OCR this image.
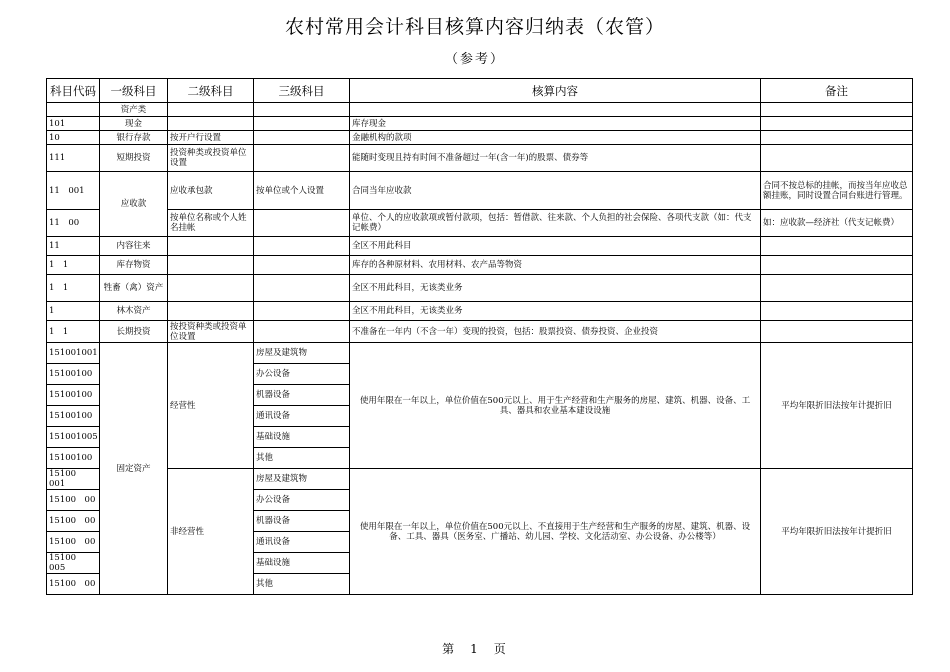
农村常用会计科目核算内容归纳表（农管）
（参考）
科目代码	一级科目	二级科目	三级科目	核算内容	备注
	资产类				
101	现金			库存现金	
10	银行存款	按开户行设置		金融机构的款项	
111	短期投资	投资种类或投资单位设置		能随时变现且持有时间不准备超过一年(含一年)的股票、债券等	
11　001	应收款	应收承包款	按单位或个人设置	合同当年应收款	合同不按总标的挂帐，而按当年应收总额挂账，同时设置合同台账进行管理。
11　00		按单位名称或个人姓名挂帐		单位、个人的应收款项或暂付款项，包括：暂借款、往来款、个人负担的社会保险、各项代支款（如：代支记帐费）	如：应收款—经济社（代支记帐费）
11	内容往来			全区不用此科目	
1　1	库存物资			库存的各种原材料、农用材料、农产品等物资	
1　1	牲畜（禽）资产			全区不用此科目，无该类业务	
1	林木资产			全区不用此科目，无该类业务	
1　1	长期投资	按投资种类或投资单位设置		不准备在一年内（不含一年）变现的投资，包括：股票投资、债券投资、企业投资	
151001001	固定资产	经营性	房屋及建筑物	使用年限在一年以上，单位价值在500元以上、用于生产经营和生产服务的房屋、建筑、机器、设备、工具、器具和农业基本建设设施	平均年限折旧法按年计提折旧
15100100			办公设备		
15100100			机器设备		
15100100			通讯设备		
151001005			基础设施		
15100100			其他		
15100　001		非经营性	房屋及建筑物	使用年限在一年以上，单位价值在500元以上、不直接用于生产经营和生产服务的房屋、建筑、机器、设备、工具、器具（医务室、广播站、幼儿园、学校、文化活动室、办公设备、办公楼等）	平均年限折旧法按年计提折旧
15100　00			办公设备		
15100　00			机器设备		
15100　00			通讯设备		
15100　005			基础设施		
15100　00			其他		
第　1　页
